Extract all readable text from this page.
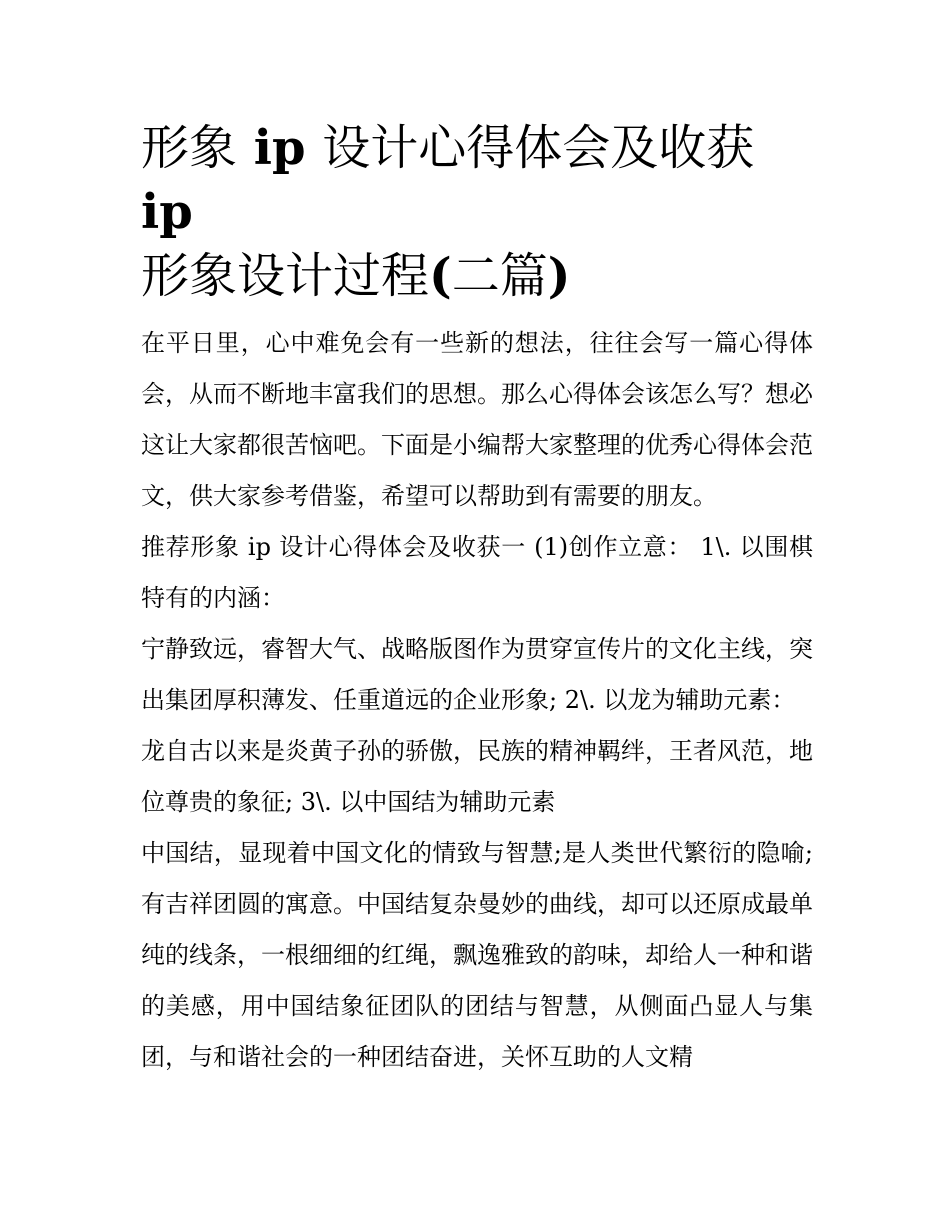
形象 ip 设计心得体会及收获 ip
形象设计过程(二篇)

在平日里，心中难免会有一些新的想法，往往会写一篇心得体会，从而不断地丰富我们的思想。那么心得体会该怎么写？想必这让大家都很苦恼吧。下面是小编帮大家整理的优秀心得体会范文，供大家参考借鉴，希望可以帮助到有需要的朋友。

推荐形象 ip 设计心得体会及收获一 (1)创作立意： 1\. 以围棋特有的内涵：

宁静致远，睿智大气、战略版图作为贯穿宣传片的文化主线，突出集团厚积薄发、任重道远的企业形象; 2\. 以龙为辅助元素：

龙自古以来是炎黄子孙的骄傲，民族的精神羁绊，王者风范，地位尊贵的象征; 3\. 以中国结为辅助元素

中国结，显现着中国文化的情致与智慧;是人类世代繁衍的隐喻;有吉祥团圆的寓意。中国结复杂曼妙的曲线，却可以还原成最单纯的线条，一根细细的红绳，飘逸雅致的韵味，却给人一种和谐的美感，用中国结象征团队的团结与智慧，从侧面凸显人与集团，与和谐社会的一种团结奋进，关怀互助的人文精
